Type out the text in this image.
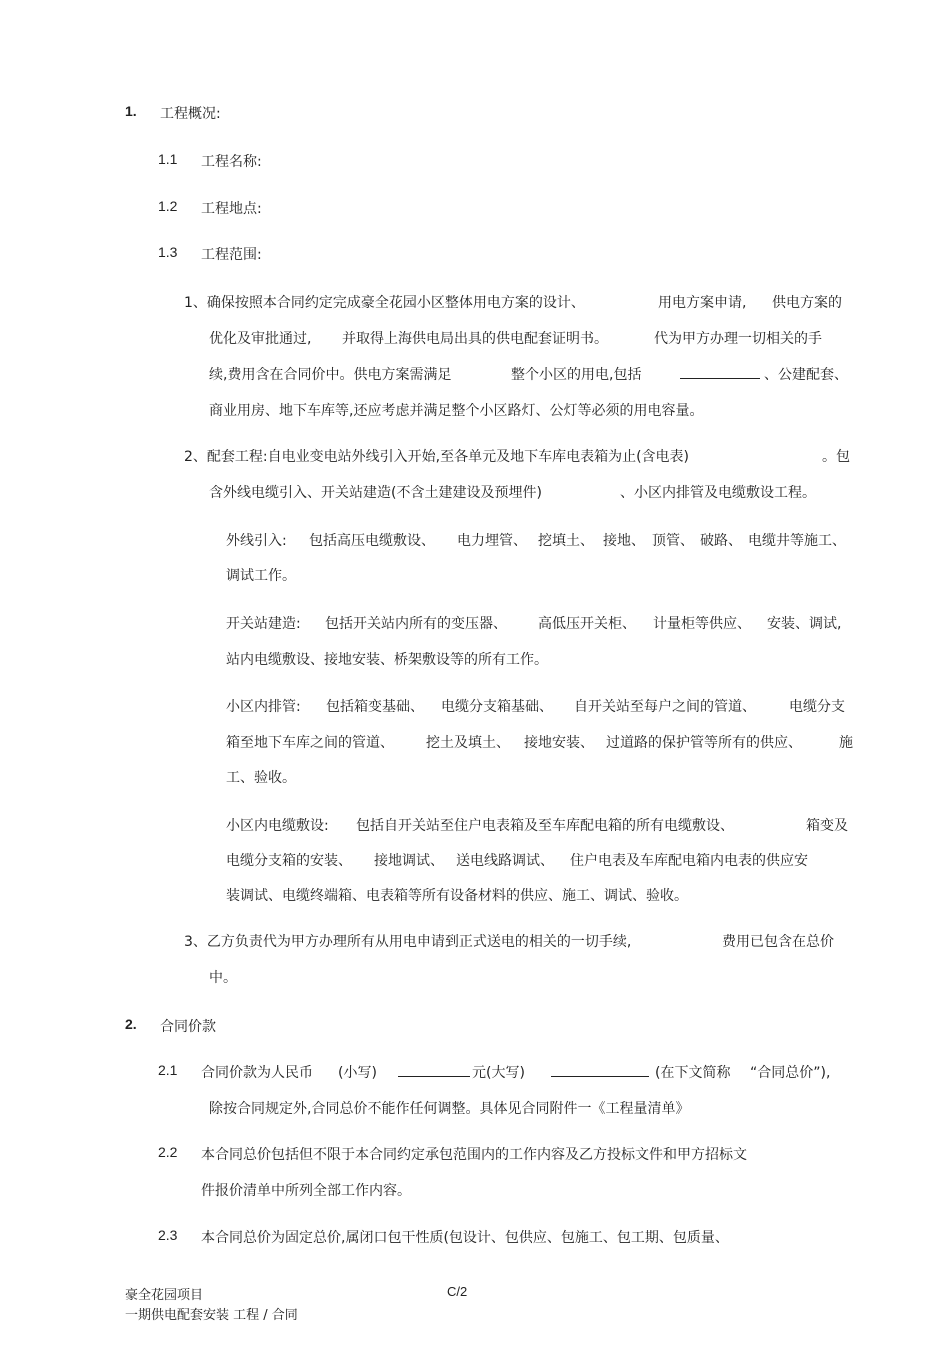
1. 工程概况:
1.1 工程名称:
1.2 工程地点:
1.3 工程范围:
1、确保按照本合同约定完成豪全花园小区整体用电方案的设计、	用电方案申请, 供电方案的
优化及审批通过, 并取得上海供电局出具的供电配套证明书。	代为甲方办理一切相关的手
续,费用含在合同价中。供电方案需满足	整个小区的用电,包括	、公建配套、
商业用房、地下车库等,还应考虑并满足整个小区路灯、公灯等必须的用电容量。
2、配套工程:自电业变电站外线引入开始,至各单元及地下车库电表箱为止(含电表)	。包
含外线电缆引入、开关站建造(不含土建建设及预埋件)	、小区内排管及电缆敷设工程。
外线引入: 包括高压电缆敷设、 电力埋管、 挖填土、 接地、 顶管、 破路、 电缆井等施工、
调试工作。
开关站建造: 包括开关站内所有的变压器、 高低压开关柜、 计量柜等供应、 安装、调试,
站内电缆敷设、接地安装、桥架敷设等的所有工作。
小区内排管: 包括箱变基础、 电缆分支箱基础、 自开关站至每户之间的管道、 电缆分支
箱至地下车库之间的管道、 挖土及填土、 接地安装、 过道路的保护管等所有的供应、	施
工、验收。
小区内电缆敷设: 包括自开关站至住户电表箱及至车库配电箱的所有电缆敷设、	箱变及
电缆分支箱的安装、 接地调试、 送电线路调试、 住户电表及车库配电箱内电表的供应安
装调试、电缆终端箱、电表箱等所有设备材料的供应、施工、调试、验收。
3、乙方负责代为甲方办理所有从用电申请到正式送电的相关的一切手续,	费用已包含在总价
中。
2. 合同价款
2.1 合同价款为人民币 (小写)	元(大写)	(在下文简称 “合同总价”),
除按合同规定外,合同总价不能作任何调整。具体见合同附件一《工程量清单》
2.2 本合同总价包括但不限于本合同约定承包范围内的工作内容及乙方投标文件和甲方招标文
件报价清单中所列全部工作内容。
2.3 本合同总价为固定总价,属闭口包干性质(包设计、包供应、包施工、包工期、包质量、
豪全花园项目	C/2
一期供电配套安装 工程 / 合同
